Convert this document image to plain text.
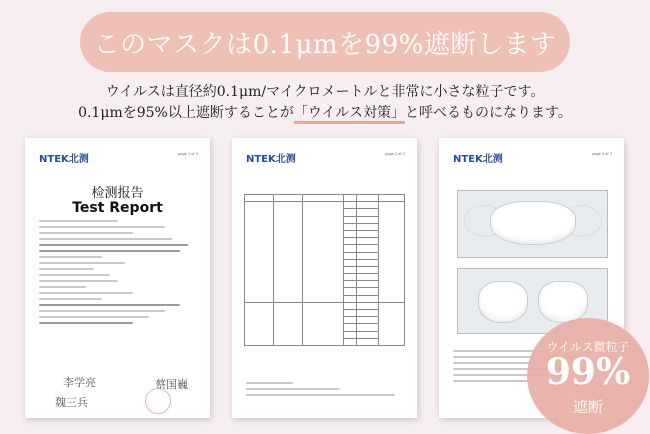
このマスクは0.1μmを99%遮断します
ウイルスは直径約0.1μm/マイクロメートルと非常に小さな粒子です。
0.1μmを95%以上遮断することが「ウイルス対策」と呼べるものになります。
NTEK北测	page 1 of 3
检测报告
Test Report
李学亮
魏三兵
蔡国巍
NTEK北测	page 2 of 3

		NTEK北测	page 3 of 3
ウイルス微粒子
99%
遮断
